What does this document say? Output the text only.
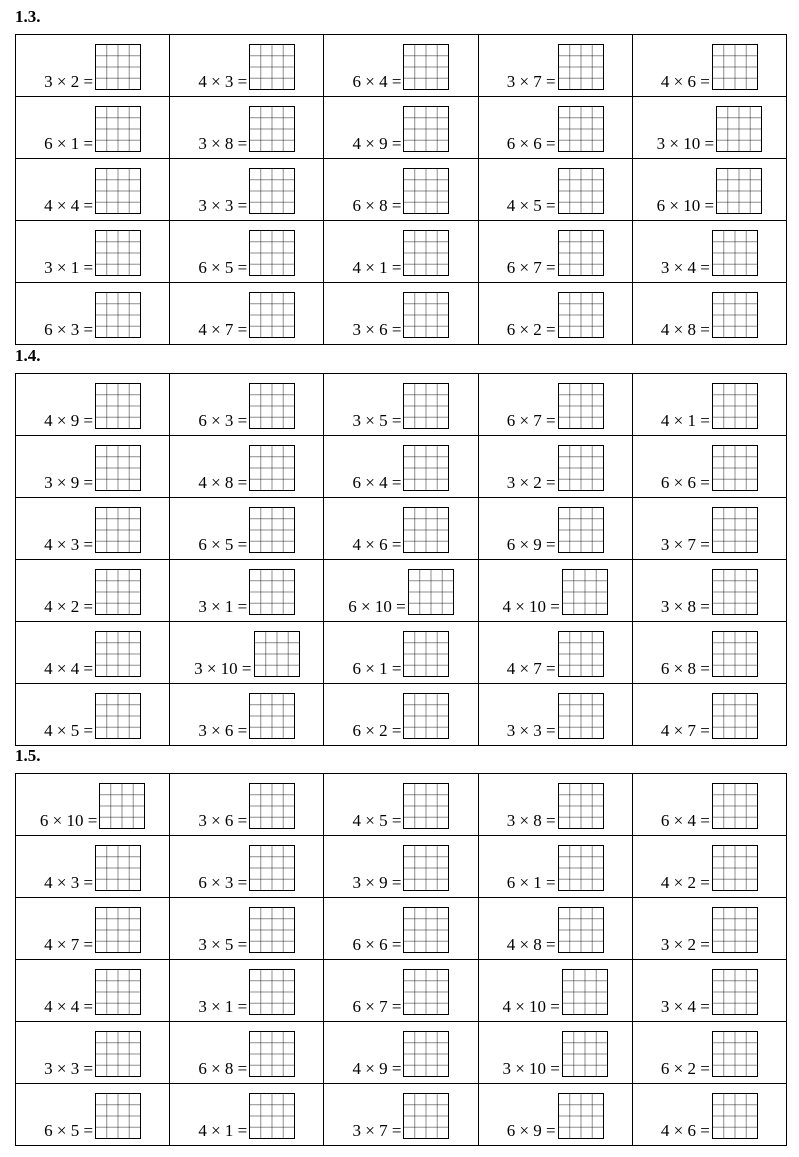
1.3.
3 × 2 =	4 × 3 =	6 × 4 =	3 × 7 =	4 × 6 =

6 × 1 =	3 × 8 =	4 × 9 =	6 × 6 =	3 × 10 =

4 × 4 =	3 × 3 =	6 × 8 =	4 × 5 =	6 × 10 =

3 × 1 =	6 × 5 =	4 × 1 =	6 × 7 =	3 × 4 =

6 × 3 =	4 × 7 =	3 × 6 =	6 × 2 =	4 × 8 =
1.4.
4 × 9 =	6 × 3 =	3 × 5 =	6 × 7 =	4 × 1 =

3 × 9 =	4 × 8 =	6 × 4 =	3 × 2 =	6 × 6 =

4 × 3 =	6 × 5 =	4 × 6 =	6 × 9 =	3 × 7 =

4 × 2 =	3 × 1 =	6 × 10 =	4 × 10 =	3 × 8 =

4 × 4 =	3 × 10 =	6 × 1 =	4 × 7 =	6 × 8 =

4 × 5 =	3 × 6 =	6 × 2 =	3 × 3 =	4 × 7 =
1.5.
6 × 10 =	3 × 6 =	4 × 5 =	3 × 8 =	6 × 4 =

4 × 3 =	6 × 3 =	3 × 9 =	6 × 1 =	4 × 2 =

4 × 7 =	3 × 5 =	6 × 6 =	4 × 8 =	3 × 2 =

4 × 4 =	3 × 1 =	6 × 7 =	4 × 10 =	3 × 4 =

3 × 3 =	6 × 8 =	4 × 9 =	3 × 10 =	6 × 2 =

6 × 5 =	4 × 1 =	3 × 7 =	6 × 9 =	4 × 6 =
